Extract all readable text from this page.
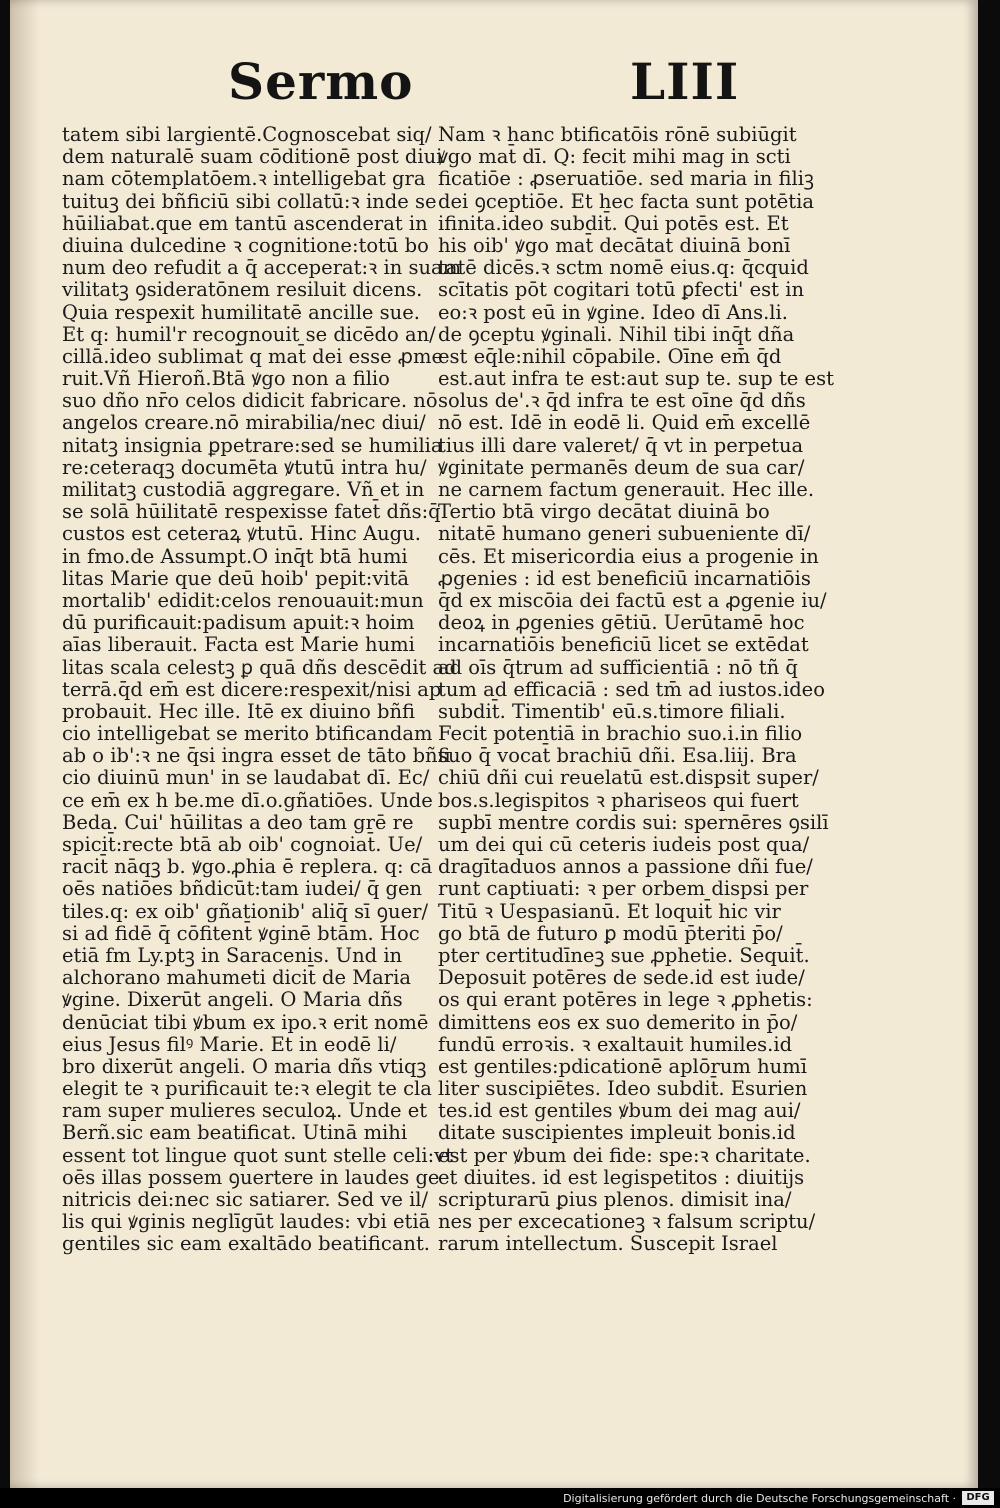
Sermo	LIII
tatem sibi largientē.Cognoscebat siq/
dem naturalē suam cōditionē post diui
nam cōtemplatōem.ꝛ intelligebat gra
tuituꝫ dei bñficiū sibi collatū:ꝛ inde se
hūiliabat.que em tantū ascenderat in
diuina dulcedine ꝛ cognitione:totū bo
num deo refudit a q̄ acceperat:ꝛ in suam
vilitatꝫ ꝯsideratōnem resiluit dicens.
Quia respexit humilitatē ancille sue.
Et q: humil'r recognouit se dicēdo an/
cillā.ideo sublimat̄ q mat̄ dei esse ꝓme
ruit.Vñ Hieroñ.Btā ꝟgo non a filio
suo dño nr̄o celos didicit fabricare. nō
angelos creare.nō mirabilia/nec diui/
nitatꝫ insignia ꝑpetrare:sed se humilia
re:ceteraqꝫ documēta ꝟtutū intra hu/
militatꝫ custodiā aggregare. Vñ et in
se solā hūilitatē respexisse fatet̄ dñs:q̄
custos est ceteraꝝ ꝟtutū. Hinc Augu.
in fmo.de Assumpt.O inq̄t btā humi
litas Marie que deū hoib' pepit:vitā
mortalib' edidit:celos renouauit:mun
dū purificauit:padisum apuit:ꝛ hoim
aīas liberauit. Facta est Marie humi
litas scala celestꝫ ꝑ quā dñs descēdit ad
terrā.q̄d em̄ est dicere:respexit/nisi ap
probauit. Hec ille. Itē ex diuino bñfi
cio intelligebat se merito btificandam
ab o ib':ꝛ ne q̄si ingra esset de tāto bñfi
cio diuinū mun' in se laudabat dī. Ec/
ce em̄ ex h be.me dī.o.gñatiōes. Unde
Beda. Cui' hūilitas a deo tam grē re
spicit̄:recte btā ab oib' cognoiat̄. Ue/
racit̄ nāqꝫ b. ꝟgo.ꝓhia ē replera. q: cā
oēs natiōes bñdicūt:tam iudei/ q̄ gen
tiles.q: ex oib' gñationib' aliq̄ sī ꝯuer/
si ad fidē q̄ cōfitent̄ ꝟginē btām. Hoc
etiā fm Ly.ptꝫ in Saracenis. Und in
alchorano mahumeti dicit̄ de Maria
ꝟgine. Dixerūt angeli. O Maria dñs
denūciat tibi ꝟbum ex ipo.ꝛ erit nomē
eius Jesus filꝰ Marie. Et in eodē li/
bro dixerūt angeli. O maria dñs vtiqꝫ
elegit te ꝛ purificauit te:ꝛ elegit te cla
ram super mulieres seculoꝝ. Unde et
Berñ.sic eam beatificat. Utinā mihi
essent tot lingue quot sunt stelle celi:vt
oēs illas possem ꝯuertere in laudes ge
nitricis dei:nec sic satiarer. Sed ve il/
lis qui ꝟginis neglīgūt laudes: vbi etiā
gentiles sic eam exaltādo beatificant.
Nam ꝛ hanc btificatōis rōnē subiūgit
ꝟgo mat̄ dī. Q: fecit mihi mag in scti
ficatiōe : ꝓseruatiōe. sed maria in filiꝫ
dei ꝯceptiōe. Et hec facta sunt potētia
ifinita.ideo subdit̄. Qui potēs est. Et
his oib' ꝟgo mat̄ decātat diuinā bonī
tatē dicēs.ꝛ sctm nomē eius.q: q̄cquid
scītatis pōt cogitari totū ꝑfecti' est in
eo:ꝛ post eū in ꝟgine. Ideo dī Ans.li.
de ꝯceptu ꝟginali. Nihil tibi inq̄t dña
est eq̄le:nihil cōpabile. Oīne em̄ q̄d
est.aut infra te est:aut sup te. sup te est
solus de'.ꝛ q̄d infra te est oīne q̄d dñs
nō est. Idē in eodē li. Quid em̄ excellē
tius illi dare valeret/ q̄ vt in perpetua
ꝟginitate permanēs deum de sua car/
ne carnem factum generauit. Hec ille.
Tertio btā virgo decātat diuinā bo
nitatē humano generi subueniente dī/
cēs. Et misericordia eius a progenie in
ꝓgenies : id est beneficiū incarnatiōis
q̄d ex miscōia dei factū est a ꝓgenie iu/
deoꝝ in ꝓgenies gētiū. Uerūtamē hoc
incarnatiōis beneficiū licet se extēdat
ad oīs q̄trum ad sufficientiā : nō tñ q̄
tum ad efficaciā : sed tm̄ ad iustos.ideo
subdit̄. Timentib' eū.s.timore filiali.
Fecit potentiā in brachio suo.i.in filio
suo q̄ vocat̄ brachiū dñi. Esa.liij. Bra
chiū dñi cui reuelatū est.dispsit super/
bos.s.legispitos ꝛ phariseos qui fuert
supbī mentre cordis sui: spernēres ꝯsilī
um dei qui cū ceteris iudeis post qua/
dragītaduos annos a passione dñi fue/
runt captiuati: ꝛ per orbem dispsi per
Titū ꝛ Uespasianū. Et loquit̄ hic vir
go btā de futuro ꝑ modū p̄teriti p̄o/
pter certitudīneꝫ sue ꝓphetie. Sequit̄.
Deposuit potēres de sede.id est iude/
os qui erant potēres in lege ꝛ ꝓphetis:
dimittens eos ex suo demerito in p̄o/
fundū erroꝛis. ꝛ exaltauit humiles.id
est gentiles:pdicationē aplōrum humī
liter suscipiētes. Ideo subdit̄. Esurien
tes.id est gentiles ꝟbum dei mag aui/
ditate suscipientes impleuit bonis.id
est per ꝟbum dei fide: spe:ꝛ charitate.
et diuites. id est legispetitos : diuitijs
scripturarū ꝑius plenos. dimisit ina/
nes per excecationeꝫ ꝛ falsum scriptu/
rarum intellectum. Suscepit Israel
Digitalisierung gefördert durch die Deutsche Forschungsgemeinschaft ·	DFG
